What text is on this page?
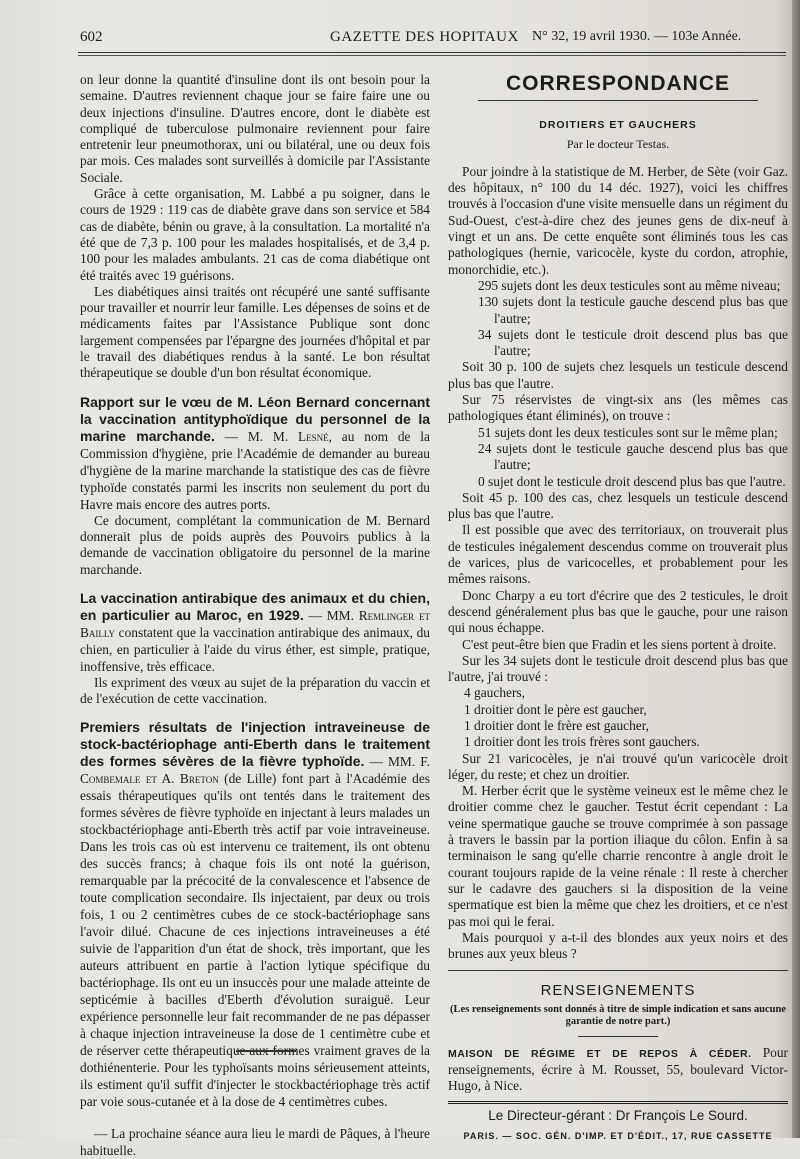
602	GAZETTE DES HOPITAUX N° 32, 19 avril 1930. — 103e Année.

on leur donne la quantité d'insuline dont ils ont besoin pour la semaine. D'autres reviennent chaque jour se faire faire une ou deux injections d'insuline. D'autres encore, dont le diabète est compliqué de tuberculose pulmonaire reviennent pour faire entretenir leur pneumothorax, uni ou bilatéral, une ou deux fois par mois. Ces malades sont surveillés à domicile par l'Assistante Sociale.

Grâce à cette organisation, M. Labbé a pu soigner, dans le cours de 1929 : 119 cas de diabète grave dans son service et 584 cas de diabète, bénin ou grave, à la consultation. La mortalité n'a été que de 7,3 p. 100 pour les malades hospitalisés, et de 3,4 p. 100 pour les malades ambulants. 21 cas de coma diabétique ont été traités avec 19 guérisons.

Les diabétiques ainsi traités ont récupéré une santé suffisante pour travailler et nourrir leur famille. Les dépenses de soins et de médicaments faites par l'Assistance Publique sont donc largement compensées par l'épargne des journées d'hôpital et par le travail des diabétiques rendus à la santé. Le bon résultat thérapeutique se double d'un bon résultat économique.

Rapport sur le vœu de M. Léon Bernard concernant la vaccination antityphoïdique du personnel de la marine marchande. — M. M. Lesné, au nom de la Commission d'hygiène, prie l'Académie de demander au bureau d'hygiène de la marine marchande la statistique des cas de fièvre typhoïde constatés parmi les inscrits non seulement du port du Havre mais encore des autres ports.

Ce document, complétant la communication de M. Bernard donnerait plus de poids auprès des Pouvoirs publics à la demande de vaccination obligatoire du personnel de la marine marchande.

La vaccination antirabique des animaux et du chien, en particulier au Maroc, en 1929. — MM. Remlinger et Bailly constatent que la vaccination antirabique des animaux, du chien, en particulier à l'aide du virus éther, est simple, pratique, inoffensive, très efficace.

Ils expriment des vœux au sujet de la préparation du vaccin et de l'exécution de cette vaccination.

Premiers résultats de l'injection intraveineuse de stock-bactériophage anti-Eberth dans le traitement des formes sévères de la fièvre typhoïde. — MM. F. Combemale et A. Breton (de Lille) font part à l'Académie des essais thérapeutiques qu'ils ont tentés dans le traitement des formes sévères de fièvre typhoïde en injectant à leurs malades un stockbactériophage anti-Eberth très actif par voie intraveineuse. Dans les trois cas où est intervenu ce traitement, ils ont obtenu des succès francs; à chaque fois ils ont noté la guérison, remarquable par la précocité de la convalescence et l'absence de toute complication secondaire. Ils injectaient, par deux ou trois fois, 1 ou 2 centimètres cubes de ce stock-bactériophage sans l'avoir dilué. Chacune de ces injections intraveineuses a été suivie de l'apparition d'un état de shock, très important, que les auteurs attribuent en partie à l'action lytique spécifique du bactériophage. Ils ont eu un insuccès pour une malade atteinte de septicémie à bacilles d'Eberth d'évolution suraiguë. Leur expérience personnelle leur fait recommander de ne pas dépasser à chaque injection intraveineuse la dose de 1 centimètre cube et de réserver cette thérapeutique aux formes vraiment graves de la dothiénenterie. Pour les typhoïsants moins sérieusement atteints, ils estiment qu'il suffit d'injecter le stockbactériophage très actif par voie sous-cutanée et à la dose de 4 centimètres cubes.

— La prochaine séance aura lieu le mardi de Pâques, à l'heure habituelle.

CORRESPONDANCE
DROITIERS ET GAUCHERS
Par le docteur Testas.

Pour joindre à la statistique de M. Herber, de Sète (voir Gaz. des hôpitaux, n° 100 du 14 déc. 1927), voici les chiffres trouvés à l'occasion d'une visite mensuelle dans un régiment du Sud-Ouest, c'est-à-dire chez des jeunes gens de dix-neuf à vingt et un ans. De cette enquête sont éliminés tous les cas pathologiques (hernie, varicocèle, kyste du cordon, atrophie, monorchidie, etc.).

295 sujets dont les deux testicules sont au même niveau;

130 sujets dont la testicule gauche descend plus bas que l'autre;

34 sujets dont le testicule droit descend plus bas que l'autre;

Soit 30 p. 100 de sujets chez lesquels un testicule descend plus bas que l'autre.

Sur 75 réservistes de vingt-six ans (les mêmes cas pathologiques étant éliminés), on trouve :

51 sujets dont les deux testicules sont sur le même plan;

24 sujets dont le testicule gauche descend plus bas que l'autre;

0 sujet dont le testicule droit descend plus bas que l'autre.

Soit 45 p. 100 des cas, chez lesquels un testicule descend plus bas que l'autre.

Il est possible que avec des territoriaux, on trouverait plus de testicules inégalement descendus comme on trouverait plus de varices, plus de varicocelles, et probablement pour les mêmes raisons.

Donc Charpy a eu tort d'écrire que des 2 testicules, le droit descend généralement plus bas que le gauche, pour une raison qui nous échappe.

C'est peut-être bien que Fradin et les siens portent à droite.

Sur les 34 sujets dont le testicule droit descend plus bas que l'autre, j'ai trouvé :

4 gauchers,

1 droitier dont le père est gaucher,

1 droitier dont le frère est gaucher,

1 droitier dont les trois frères sont gauchers.

Sur 21 varicocèles, je n'ai trouvé qu'un varicocèle droit léger, du reste; et chez un droitier.

M. Herber écrit que le système veineux est le même chez le droitier comme chez le gaucher. Testut écrit cependant : La veine spermatique gauche se trouve comprimée à son passage à travers le bassin par la portion iliaque du côlon. Enfin à sa terminaison le sang qu'elle charrie rencontre à angle droit le courant toujours rapide de la veine rénale : Il reste à chercher sur le cadavre des gauchers si la disposition de la veine spermatique est bien la même que chez les droitiers, et ce n'est pas moi qui le ferai.

Mais pourquoi y a-t-il des blondes aux yeux noirs et des brunes aux yeux bleus ?

RENSEIGNEMENTS
(Les renseignements sont donnés à titre de simple indication et sans aucune garantie de notre part.)

MAISON DE RÉGIME ET DE REPOS À CÉDER. Pour renseignements, écrire à M. Rousset, 55, boulevard Victor-Hugo, à Nice.

Le Directeur-gérant : Dr François Le Sourd.
PARIS. — SOC. GÉN. D'IMP. ET D'ÉDIT., 17, RUE CASSETTE
